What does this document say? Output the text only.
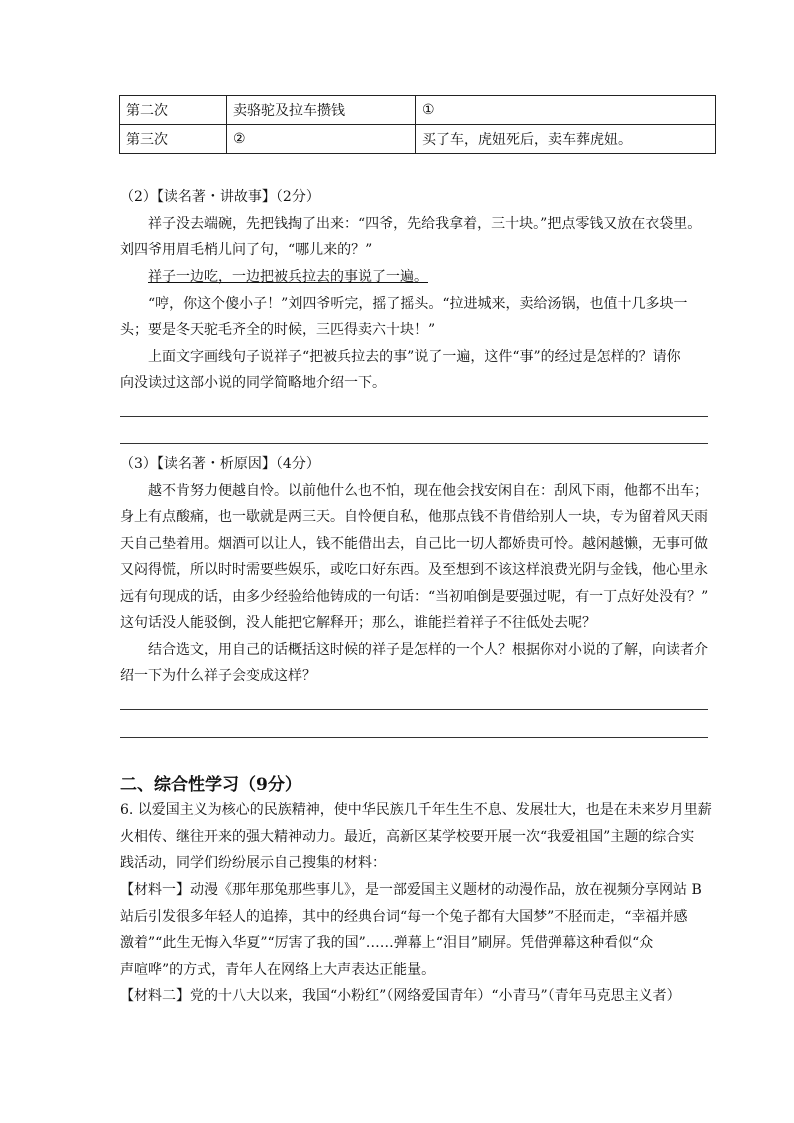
第二次	卖骆驼及拉车攒钱	①
第三次	②	买了车，虎妞死后，卖车葬虎妞。
（2）【读名著・讲故事】（2分）
祥子没去端碗，先把钱掏了出来：“四爷，先给我拿着，三十块。”把点零钱又放在衣袋里。
刘四爷用眉毛梢儿问了句，“哪儿来的？”
祥子一边吃，一边把被兵拉去的事说了一遍。
“哼，你这个傻小子！”刘四爷听完，摇了摇头。“拉进城来，卖给汤锅，也值十几多块一
头；要是冬天驼毛齐全的时候，三匹得卖六十块！”
上面文字画线句子说祥子“把被兵拉去的事”说了一遍，这件“事”的经过是怎样的？请你
向没读过这部小说的同学简略地介绍一下。
（3）【读名著・析原因】（4分）
越不肯努力便越自怜。以前他什么也不怕，现在他会找安闲自在：刮风下雨，他都不出车；
身上有点酸痛，也一歇就是两三天。自怜便自私，他那点钱不肯借给别人一块，专为留着风天雨
天自己垫着用。烟酒可以让人，钱不能借出去，自己比一切人都娇贵可怜。越闲越懒，无事可做
又闷得慌，所以时时需要些娱乐，或吃口好东西。及至想到不该这样浪费光阴与金钱，他心里永
远有句现成的话，由多少经验给他铸成的一句话：“当初咱倒是要强过呢，有一丁点好处没有？”
这句话没人能驳倒，没人能把它解释开；那么，谁能拦着祥子不往低处去呢？
结合选文，用自己的话概括这时候的祥子是怎样的一个人？根据你对小说的了解，向读者介
绍一下为什么祥子会变成这样？
二、综合性学习（9分）
6. 以爱国主义为核心的民族精神，使中华民族几千年生生不息、发展壮大，也是在未来岁月里薪
火相传、继往开来的强大精神动力。最近，高新区某学校要开展一次“我爱祖国”主题的综合实
践活动，同学们纷纷展示自己搜集的材料：
【材料一】动漫《那年那兔那些事儿》，是一部爱国主义题材的动漫作品，放在视频分享网站 B
站后引发很多年轻人的追捧，其中的经典台词“每一个兔子都有大国梦”不胫而走，“幸福并感
激着”“此生无悔入华夏”“厉害了我的国”……弹幕上“泪目”刷屏。凭借弹幕这种看似“众
声喧哗”的方式，青年人在网络上大声表达正能量。
【材料二】党的十八大以来，我国“小粉红”（网络爱国青年）“小青马”（青年马克思主义者）
